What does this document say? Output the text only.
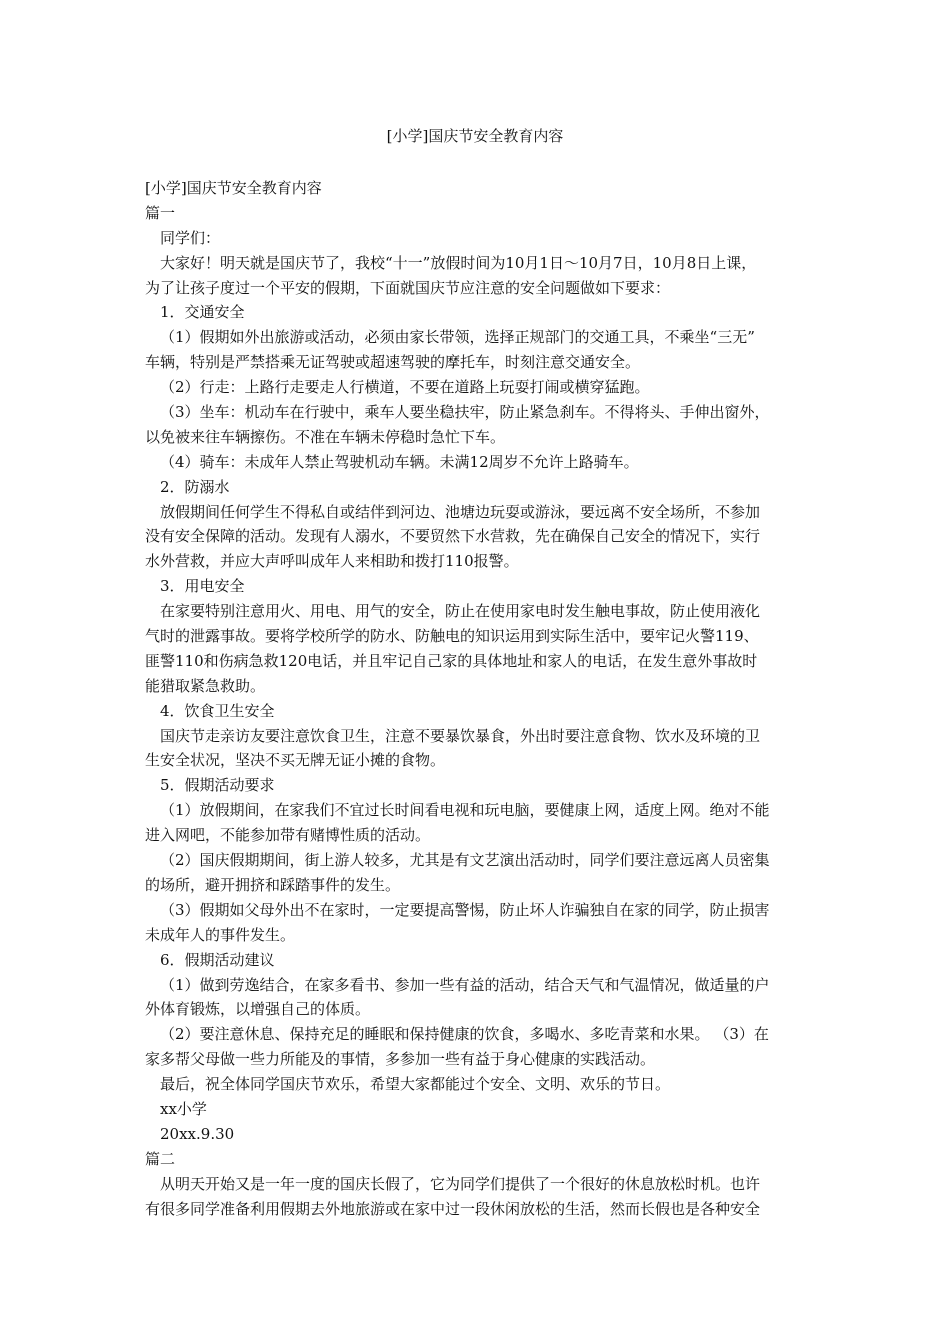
[小学]国庆节安全教育内容
[小学]国庆节安全教育内容
篇一
同学们：
大家好！明天就是国庆节了，我校“十一”放假时间为10月1日～10月7日，10月8日上课，
为了让孩子度过一个平安的假期，下面就国庆节应注意的安全问题做如下要求：
1．交通安全
（1）假期如外出旅游或活动，必须由家长带领，选择正规部门的交通工具，不乘坐“三无”
车辆，特别是严禁搭乘无证驾驶或超速驾驶的摩托车，时刻注意交通安全。
（2）行走：上路行走要走人行横道，不要在道路上玩耍打闹或横穿猛跑。
（3）坐车：机动车在行驶中，乘车人要坐稳扶牢，防止紧急刹车。不得将头、手伸出窗外，
以免被来往车辆擦伤。不准在车辆未停稳时急忙下车。
（4）骑车：未成年人禁止驾驶机动车辆。未满12周岁不允许上路骑车。
2．防溺水
放假期间任何学生不得私自或结伴到河边、池塘边玩耍或游泳，要远离不安全场所，不参加
没有安全保障的活动。发现有人溺水，不要贸然下水营救，先在确保自己安全的情况下，实行
水外营救，并应大声呼叫成年人来相助和拨打110报警。
3．用电安全
在家要特别注意用火、用电、用气的安全，防止在使用家电时发生触电事故，防止使用液化
气时的泄露事故。要将学校所学的防水、防触电的知识运用到实际生活中，要牢记火警119、
匪警110和伤病急救120电话，并且牢记自己家的具体地址和家人的电话，在发生意外事故时
能猎取紧急救助。
4．饮食卫生安全
国庆节走亲访友要注意饮食卫生，注意不要暴饮暴食，外出时要注意食物、饮水及环境的卫
生安全状况，坚决不买无牌无证小摊的食物。
5．假期活动要求
（1）放假期间，在家我们不宜过长时间看电视和玩电脑，要健康上网，适度上网。绝对不能
进入网吧，不能参加带有赌博性质的活动。
（2）国庆假期期间，街上游人较多，尤其是有文艺演出活动时，同学们要注意远离人员密集
的场所，避开拥挤和踩踏事件的发生。
（3）假期如父母外出不在家时，一定要提高警惕，防止坏人诈骗独自在家的同学，防止损害
未成年人的事件发生。
6．假期活动建议
（1）做到劳逸结合，在家多看书、参加一些有益的活动，结合天气和气温情况，做适量的户
外体育锻炼，以增强自己的体质。
（2）要注意休息、保持充足的睡眠和保持健康的饮食，多喝水、多吃青菜和水果。 （3）在
家多帮父母做一些力所能及的事情，多参加一些有益于身心健康的实践活动。
最后，祝全体同学国庆节欢乐，希望大家都能过个安全、文明、欢乐的节日。
xx小学
20xx.9.30
篇二
从明天开始又是一年一度的国庆长假了，它为同学们提供了一个很好的休息放松时机。也许
有很多同学准备利用假期去外地旅游或在家中过一段休闲放松的生活，然而长假也是各种安全
